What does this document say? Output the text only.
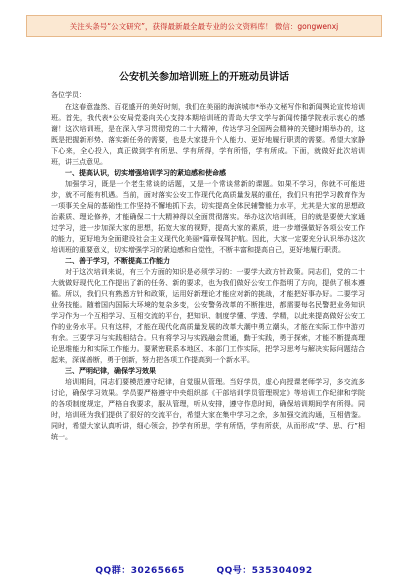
关注头条号“公文研究”，获得最新最全最专业的公文资料库！ 微信：gongwenxj
公安机关参加培训班上的开班动员讲话

各位学员：

在这春意盎然、百花盛开的美好时刻，我们在美丽的海滨城市*举办文秘写作和新闻舆论宣传培训班。首先，我代表*公安局党委向关心支持本期培训班的青岛大学文学与新闻传播学院表示衷心的感谢！这次培训班，是在深入学习贯彻党的二十大精神，传达学习全国两会精神的关键时期举办的，这既是把握新形势、落实新任务的需要，也是大家提升个人能力、更好地履行职责的需要。希望大家静下心来，全心投入，真正做到学有所思、学有所得，学有所悟，学有所成。下面，就做好此次培训班，讲三点意见。

一、提高认识，切实增强培训学习的紧迫感和使命感

加强学习，既是一个老生常谈的话题，又是一个常谈常新的课题。如果不学习，你就不可能进步，就不可能有机遇。当前，面对落实公安工作现代化高质量发展的重任，我们只有把学习教育作为一项事关全局的基础性工作坚持不懈地抓下去，切实提高全体民辅警能力水平，尤其是大家的思想政治素质、理论修养，才能确保二十大精神得以全面贯彻落实。举办这次培训班，目的就是要使大家通过学习，进一步加深大家的思想，拓宽大家的视野，提高大家的素质，进一步增强做好各项公安工作的能力，更好地为全面建设社会主义现代化美丽*篇章保驾护航。因此，大家一定要充分认识举办这次培训班的重要意义，切实增强学习的紧迫感和自觉性，不断丰富和提高自己，更好地履行职责。

二、善于学习，不断提高工作能力

对于这次培训来说，有三个方面的知识是必须学习的：一要学大政方针政策。同志们，党的二十大就做好现代化工作提出了新的任务、新的要求，也为我们做好公安工作指明了方向，提供了根本遵循。所以，我们只有熟悉方针和政策，运用好新理论才能应对新的挑战，才能把好事办好。二要学习业务技能。随着国内国际大环境的复杂多变，公安警务改革的不断推进，都需要每名民警把业务知识学习作为一个互相学习、互相交流的平台，把知识、制度学懂、学透、学精，以此来提高做好公安工作的业务水平。只有这样，才能在现代化高质量发展的改革大潮中勇立潮头，才能在实际工作中游刃有余。三要学习与实践相结合。只有将学习与实践融会贯通，勤于实践，勇于探索，才能不断提高理论思维能力和实际工作能力。要紧密联系本地区、本部门工作实际，把学习思考与解决实际问题结合起来，深谋善断，勇于创新，努力把各项工作提高到一个新水平。

三、严明纪律，确保学习效果

培训期间，同志们要模范遵守纪律，自觉服从管理。当好学员，虚心向授课老师学习，多交流多讨论，确保学习效果。学员要严格遵守中央组织部《干部培训学员管理规定》等培训工作纪律和学院的各项制度规定，严格自我要求，服从管理，听从安排，遵守作息时间，确保培训期间学有所得。同时，培训班为我们提供了很好的交流平台，希望大家在集中学习之余，多加强交流沟通，互相借鉴。同时，希望大家认真听讲，细心领会，抄学有所思，学有所悟，学有所获，从而形成“学、思、行”相统一。

QQ群：30265665	QQ号：535304092
